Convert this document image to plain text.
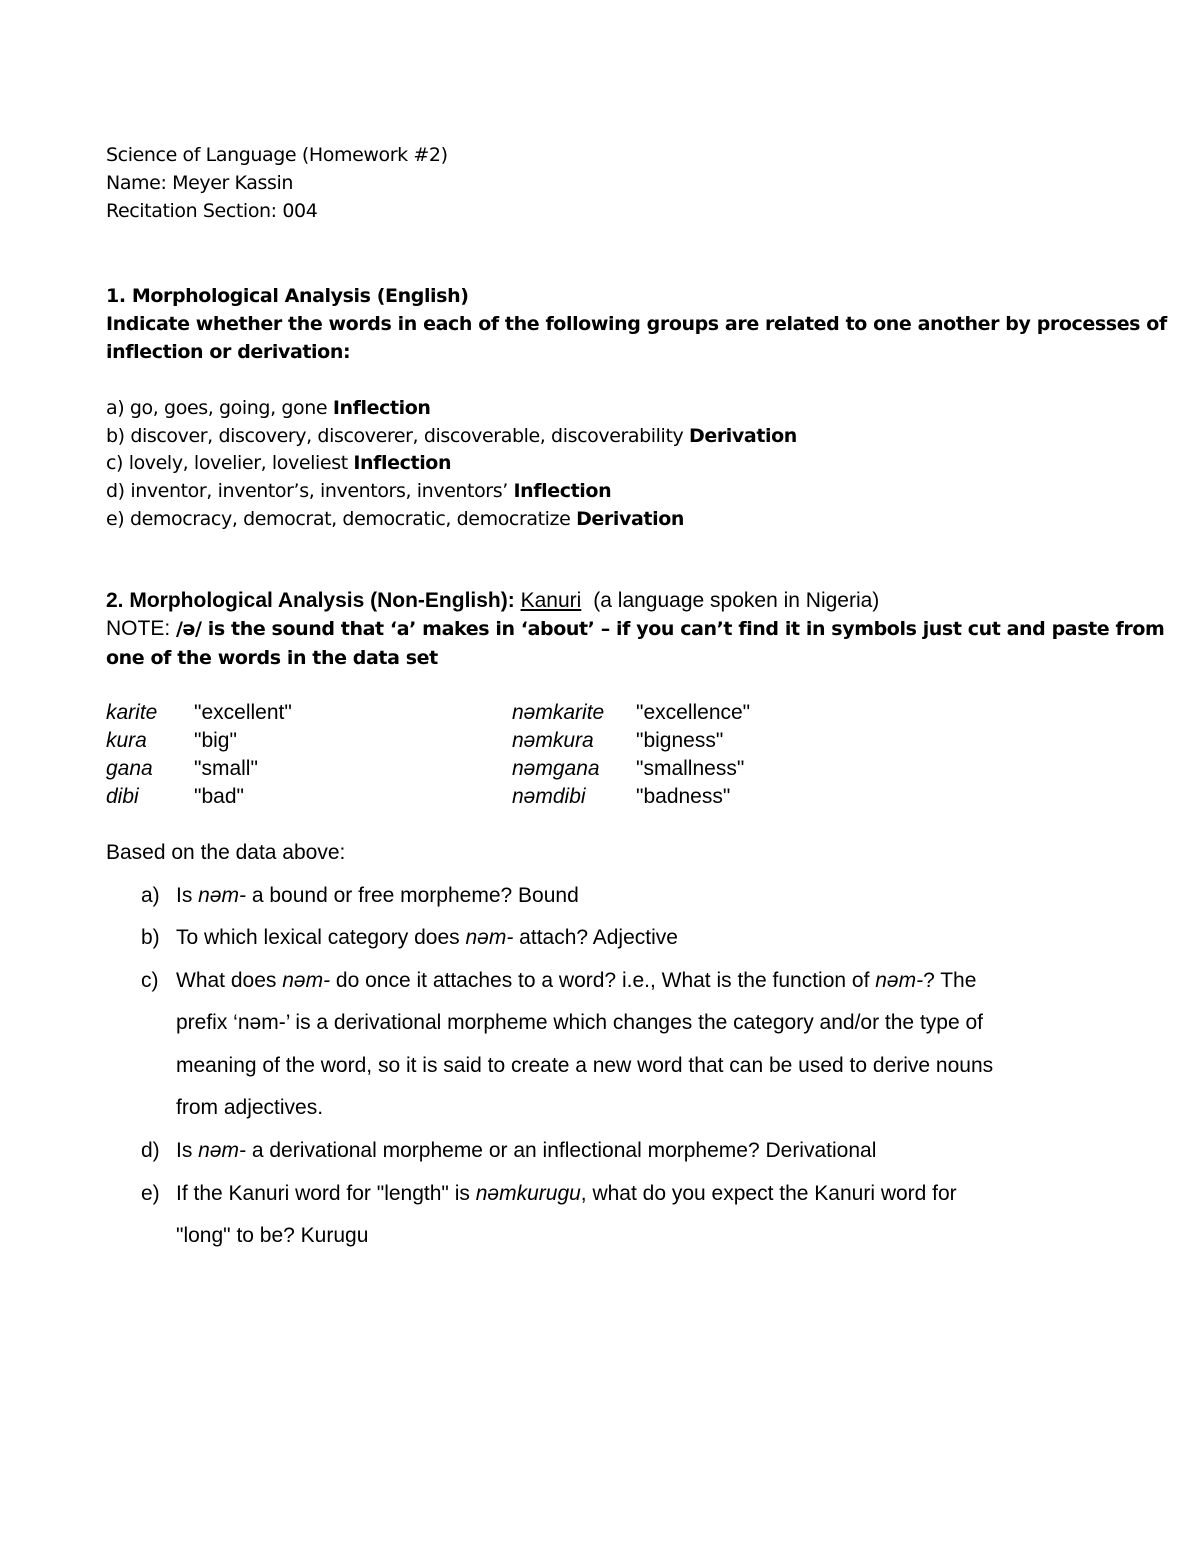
Science of Language (Homework #2)
Name: Meyer Kassin
Recitation Section: 004
1. Morphological Analysis (English)
Indicate whether the words in each of the following groups are related to one another by processes of
inflection or derivation:
a) go, goes, going, gone Inflection
b) discover, discovery, discoverer, discoverable, discoverability Derivation
c) lovely, lovelier, loveliest Inflection
d) inventor, inventor’s, inventors, inventors’ Inflection
e) democracy, democrat, democratic, democratize Derivation
2. Morphological Analysis (Non-English): Kanuri (a language spoken in Nigeria)
NOTE: /ə/ is the sound that ‘a’ makes in ‘about’ – if you can’t find it in symbols just cut and paste from
one of the words in the data set
karite "excellent"	nəmkarite "excellence"
kura "big"	nəmkura "bigness"
gana "small"	nəmgana "smallness"
dibi	"bad"	nəmdibi "badness"
Based on the data above:
a) Is nəm- a bound or free morpheme? Bound
b) To which lexical category does nəm- attach? Adjective
c) What does nəm- do once it attaches to a word? i.e., What is the function of nəm-? The
prefix ‘nəm-’ is a derivational morpheme which changes the category and/or the type of
meaning of the word, so it is said to create a new word that can be used to derive nouns
from adjectives.
d) Is nəm- a derivational morpheme or an inflectional morpheme? Derivational
e) If the Kanuri word for "length" is nəmkurugu, what do you expect the Kanuri word for
"long" to be? Kurugu
